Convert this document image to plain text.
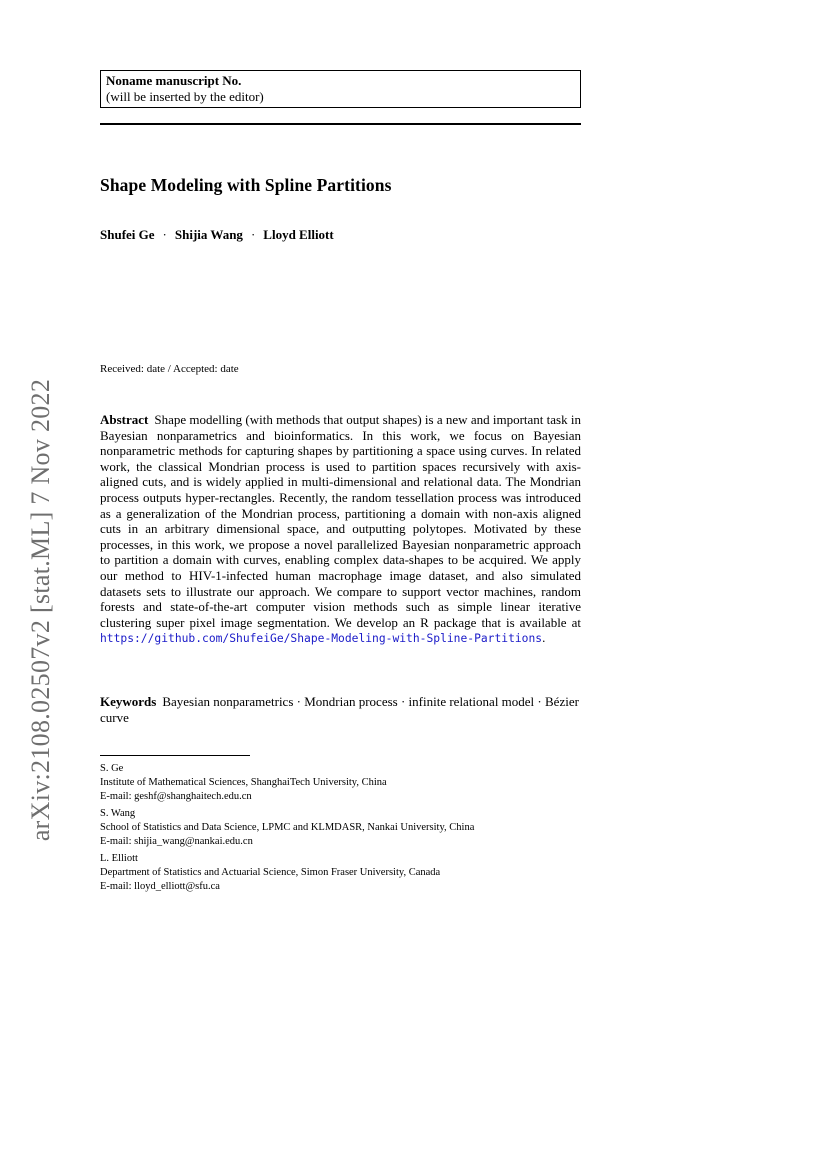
arXiv:2108.02507v2 [stat.ML] 7 Nov 2022
Noname manuscript No.
(will be inserted by the editor)
Shape Modeling with Spline Partitions
Shufei Ge · Shijia Wang · Lloyd Elliott
Received: date / Accepted: date
Abstract Shape modelling (with methods that output shapes) is a new and important task in Bayesian nonparametrics and bioinformatics. In this work, we focus on Bayesian nonparametric methods for capturing shapes by partitioning a space using curves. In related work, the classical Mondrian process is used to partition spaces recursively with axis-aligned cuts, and is widely applied in multi-dimensional and relational data. The Mondrian process outputs hyper-rectangles. Recently, the random tessellation process was introduced as a generalization of the Mondrian process, partitioning a domain with non-axis aligned cuts in an arbitrary dimensional space, and outputting polytopes. Motivated by these processes, in this work, we propose a novel parallelized Bayesian nonparametric approach to partition a domain with curves, enabling complex data-shapes to be acquired. We apply our method to HIV-1-infected human macrophage image dataset, and also simulated datasets sets to illustrate our approach. We compare to support vector machines, random forests and state-of-the-art computer vision methods such as simple linear iterative clustering super pixel image segmentation. We develop an R package that is available at https://github.com/ShufeiGe/Shape-Modeling-with-Spline-Partitions.
Keywords Bayesian nonparametrics · Mondrian process · infinite relational model · Bézier curve
S. Ge
Institute of Mathematical Sciences, ShanghaiTech University, China
E-mail: geshf@shanghaitech.edu.cn
S. Wang
School of Statistics and Data Science, LPMC and KLMDASR, Nankai University, China
E-mail: shijia_wang@nankai.edu.cn
L. Elliott
Department of Statistics and Actuarial Science, Simon Fraser University, Canada
E-mail: lloyd_elliott@sfu.ca
